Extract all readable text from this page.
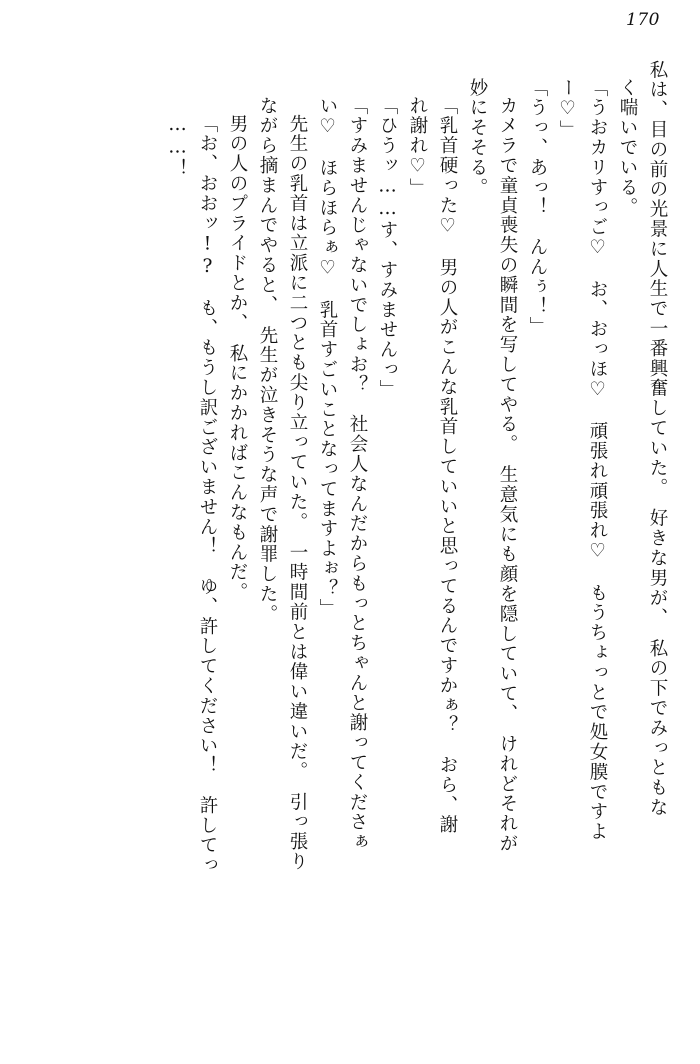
170
私は、目の前の光景に人生で一番興奮していた。　好きな男が、　私の下でみっともな
く喘いでいる。
「うおカリすっご♡　お、おっほ♡　頑張れ頑張れ♡　もうちょっとで処女膜ですよ
ー♡」
「うっ、あっ！　んんぅ！」
カメラで童貞喪失の瞬間を写してやる。　生意気にも顔を隠していて、　けれどそれが
妙にそそる。
「乳首硬った♡　男の人がこんな乳首していいと思ってるんですかぁ？　おら、謝
れ謝れ♡」
「ひうッ……す、すみませんっ」
「すみませんじゃないでしょお？　社会人なんだからもっとちゃんと謝ってくださぁ
い♡　ほらほらぁ♡　乳首すごいことなってますよぉ？」
先生の乳首は立派に二つとも尖り立っていた。　一時間前とは偉い違いだ。　引っ張り
ながら摘まんでやると、　先生が泣きそうな声で謝罪した。
男の人のプライドとか、　私にかかればこんなもんだ。
「お、おおッ!?　も、もうし訳ございません！　ゆ、許してください！　許してっ
……！
